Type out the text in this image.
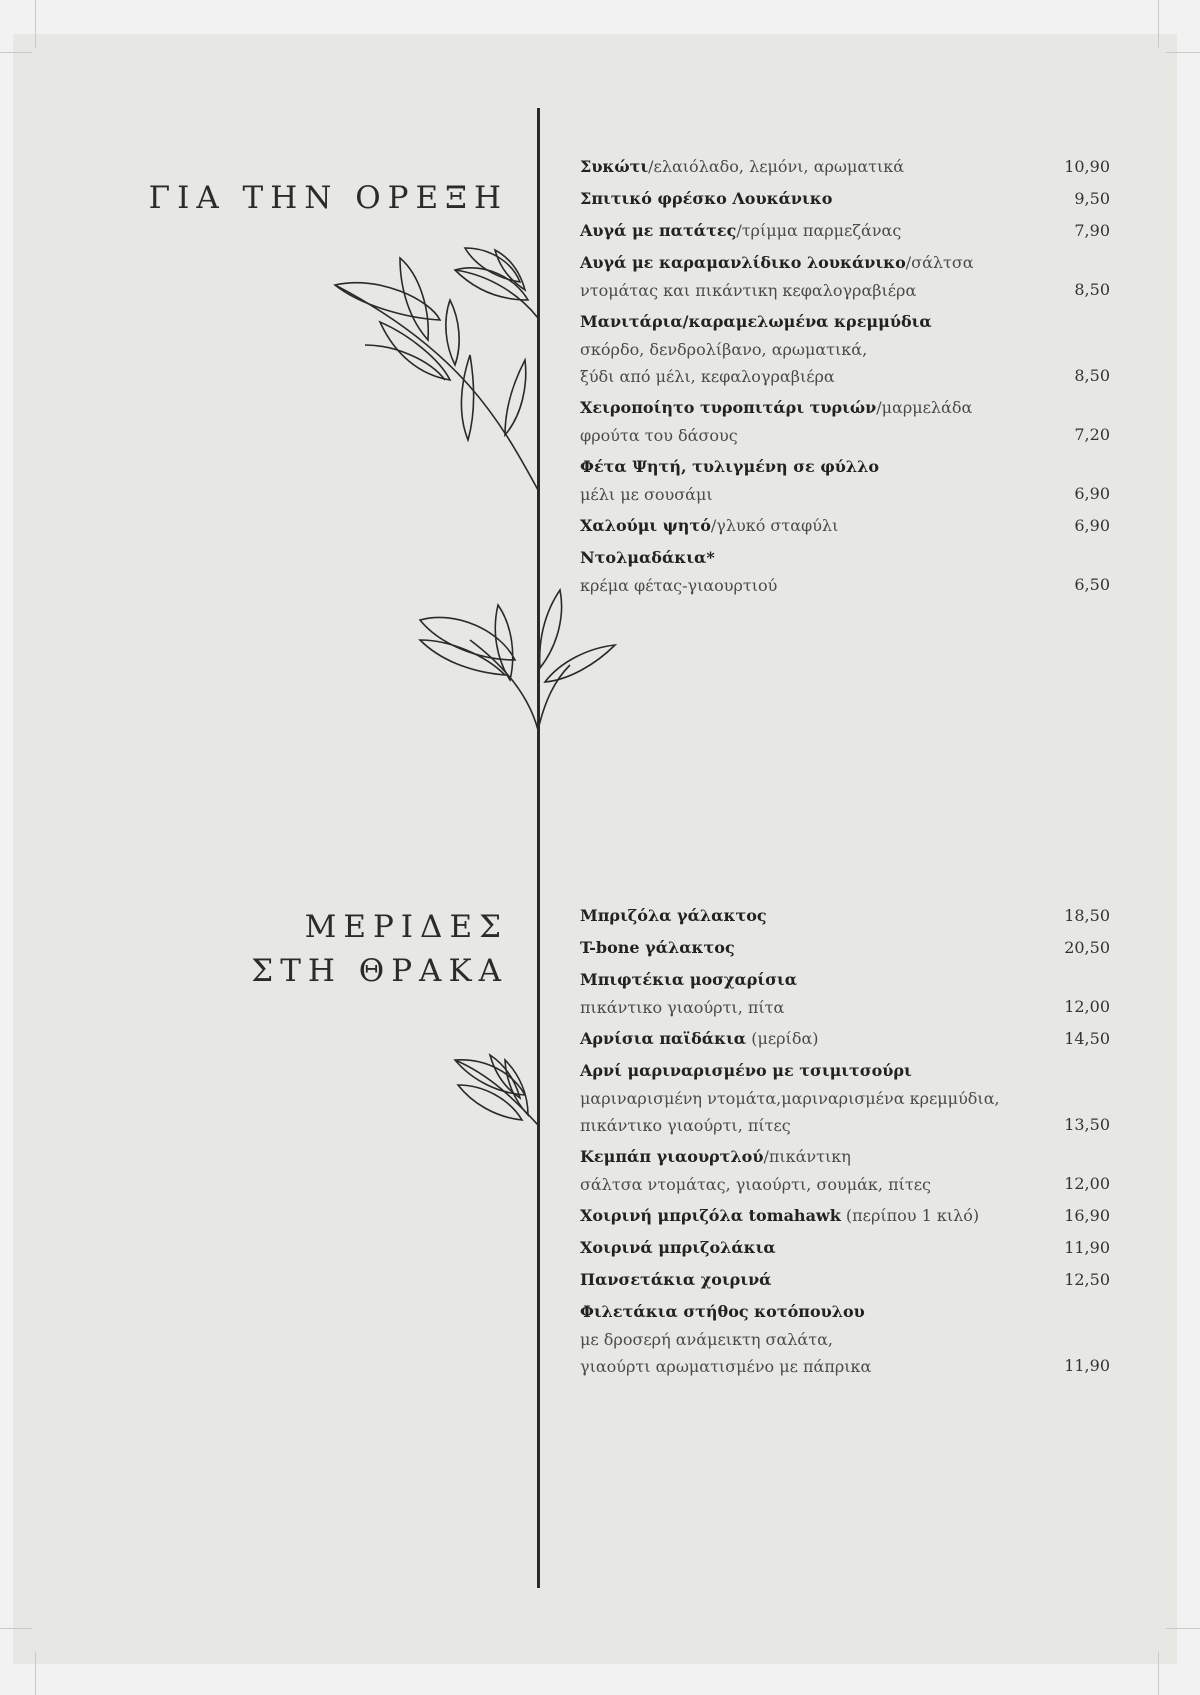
ΓΙΑ ΤΗΝ ΟΡΕΞΗ
ΜΕΡΙΔΕΣ
ΣΤΗ ΘΡΑΚΑ
Συκώτι/ελαιόλαδο, λεμόνι, αρωματικά	10,90
Σπιτικό φρέσκο Λουκάνικο	9,50
Αυγά με πατάτες/τρίμμα παρμεζάνας	7,90
Αυγά με καραμανλίδικο λουκάνικο/σάλτσα
ντομάτας και πικάντικη κεφαλογραβιέρα	8,50
Μανιτάρια/καραμελωμένα κρεμμύδια
σκόρδο, δενδρολίβανο, αρωματικά,
ξύδι από μέλι, κεφαλογραβιέρα	8,50
Χειροποίητο τυροπιτάρι τυριών/μαρμελάδα
φρούτα του δάσους	7,20
Φέτα Ψητή, τυλιγμένη σε φύλλο
μέλι με σουσάμι	6,90
Χαλούμι ψητό/γλυκό σταφύλι	6,90
Ντολμαδάκια*
κρέμα φέτας-γιαουρτιού	6,50
Μπριζόλα γάλακτος	18,50
T-bone γάλακτος	20,50
Μπιφτέκια μοσχαρίσια
πικάντικο γιαούρτι, πίτα	12,00
Αρνίσια παϊδάκια (μερίδα)	14,50
Αρνί μαριναρισμένο με τσιμιτσούρι
μαριναρισμένη ντομάτα,μαριναρισμένα κρεμμύδια,
πικάντικο γιαούρτι, πίτες	13,50
Κεμπάπ γιαουρτλού/πικάντικη
σάλτσα ντομάτας, γιαούρτι, σουμάκ, πίτες	12,00
Χοιρινή μπριζόλα tomahawk (περίπου 1 κιλό)	16,90
Χοιρινά μπριζολάκια	11,90
Πανσετάκια χοιρινά	12,50
Φιλετάκια στήθος κοτόπουλου
με δροσερή ανάμεικτη σαλάτα,
γιαούρτι αρωματισμένο με πάπρικα	11,90
